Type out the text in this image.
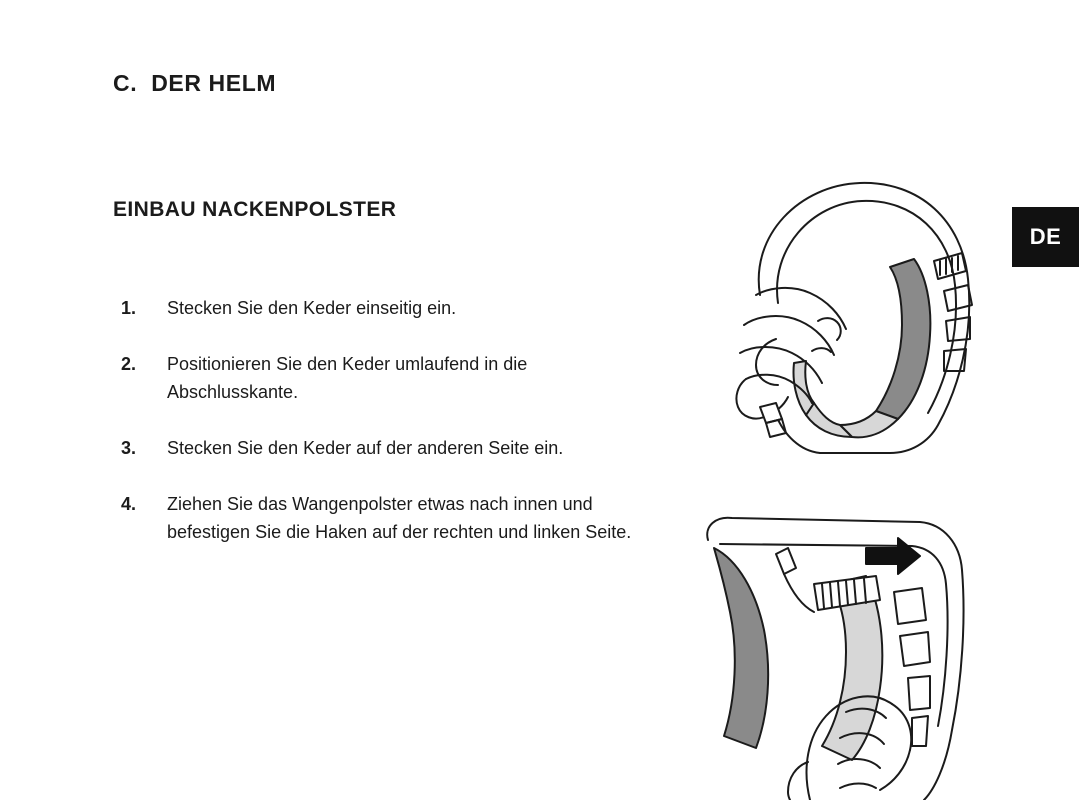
DE
C. DER HELM
EINBAU NACKENPOLSTER
1.	Stecken Sie den Keder einseitig ein.
2.	Positionieren Sie den Keder umlaufend in die Abschlusskante.
3.	Stecken Sie den Keder auf der anderen Seite ein.
4.	Ziehen Sie das Wangenpolster etwas nach innen und befestigen Sie die Haken auf der rechten und linken Seite.
